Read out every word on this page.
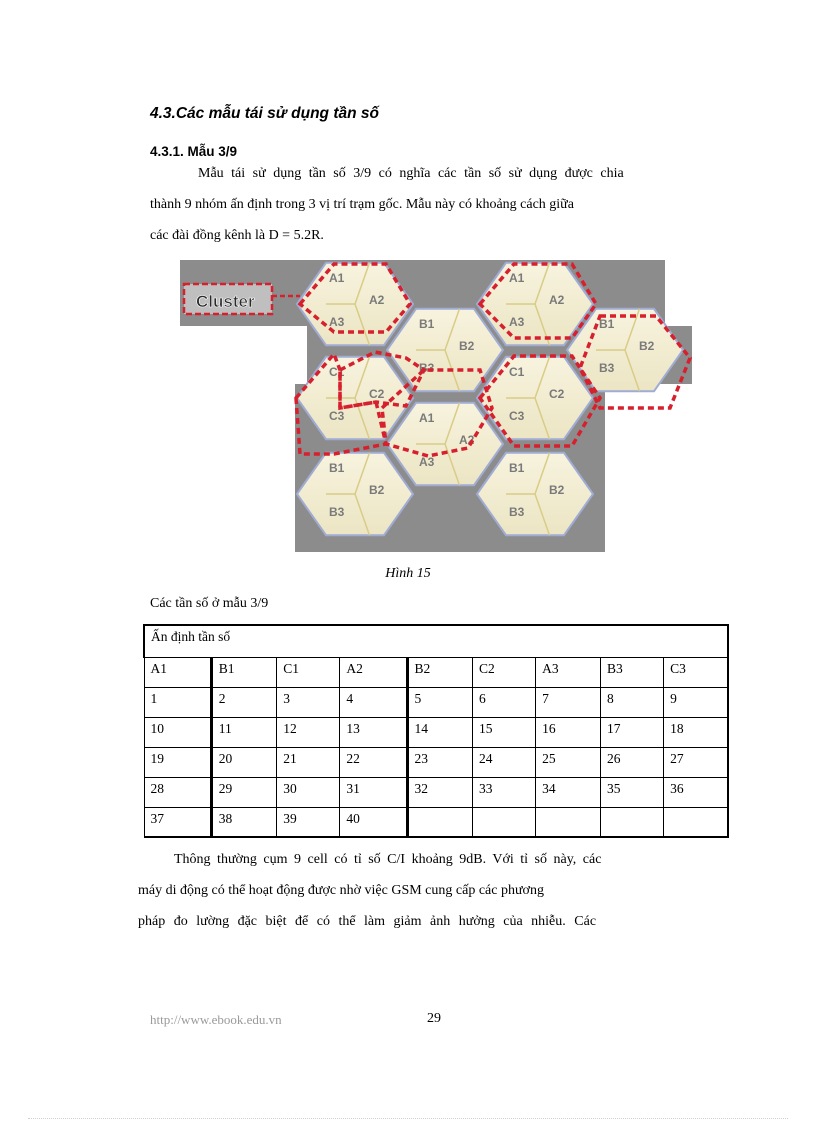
4.3.Các mẫu tái sử dụng tần số
4.3.1. Mẫu 3/9
Mẫu tái sử dụng tần số 3/9 có nghĩa các tần số sử dụng được chia
thành 9 nhóm ấn định trong 3 vị trí trạm gốc. Mẫu này có khoảng cách giữa
các đài đồng kênh là D = 5.2R.
A1
A2
A3
A1
A2
A3
B1
B2
B3
B1
B2
B3
C1
C2
C3
C1
C2
C3
A1
A2
A3
B1
B2
B3
B1
B2
B3
Cluster
Hình 15
Các tần số ở mẫu 3/9
Ấn định tần số								
A1	B1	C1	A2	B2	C2	A3	B3	C3
1	2	3	4	5	6	7	8	9
10	11	12	13	14	15	16	17	18
19	20	21	22	23	24	25	26	27
28	29	30	31	32	33	34	35	36
37	38	39	40					
Thông thường cụm 9 cell có tỉ số C/I khoảng 9dB. Với tỉ số này, các
máy di động có thể hoạt động được nhờ việc GSM cung cấp các phương
pháp đo lường đặc biệt để có thể làm giảm ảnh hưởng của nhiễu. Các
http://www.ebook.edu.vn	29
